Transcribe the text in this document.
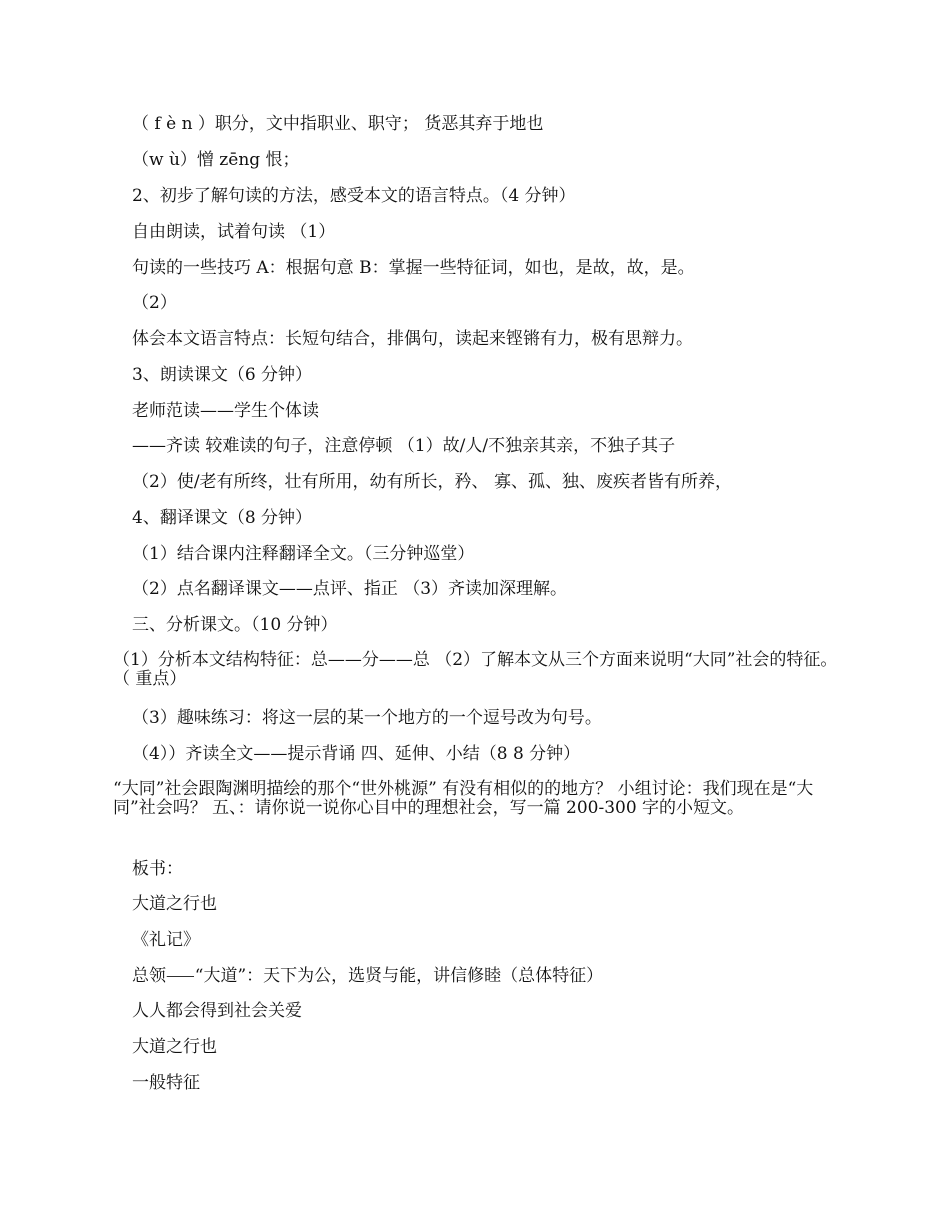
（ f è n ）职分，文中指职业、职守； 货恶其弃于地也
（w ù）憎 zēng 恨；
2、初步了解句读的方法，感受本文的语言特点。（4 分钟）
自由朗读，试着句读 （1）
句读的一些技巧 A：根据句意 B：掌握一些特征词，如也，是故，故，是。
（2）
体会本文语言特点：长短句结合，排偶句，读起来铿锵有力，极有思辩力。
3、朗读课文（6 分钟）
老师范读——学生个体读
——齐读 较难读的句子，注意停顿 （1）故/人/不独亲其亲，不独子其子
（2）使/老有所终，壮有所用，幼有所长，矜、 寡、孤、独、废疾者皆有所养，
4、翻译课文（8 分钟）
（1）结合课内注释翻译全文。（三分钟巡堂）
（2）点名翻译课文——点评、指正 （3）齐读加深理解。
三、分析课文。（10 分钟）
（1）分析本文结构特征：总——分——总 （2）了解本文从三个方面来说明“大同”社会的特征。（ 重点）
（3）趣味练习：将这一层的某一个地方的一个逗号改为句号。
（4））齐读全文——提示背诵 四、延伸、小结（8 8 分钟）
“大同”社会跟陶渊明描绘的那个“世外桃源” 有没有相似的的地方？ 小组讨论：我们现在是“大同”社会吗？ 五、：请你说一说你心目中的理想社会，写一篇 200-300 字的小短文。
板书：
大道之行也
《礼记》
总领⸺“大道”：天下为公，选贤与能，讲信修睦（总体特征）
人人都会得到社会关爱
大道之行也
一般特征
